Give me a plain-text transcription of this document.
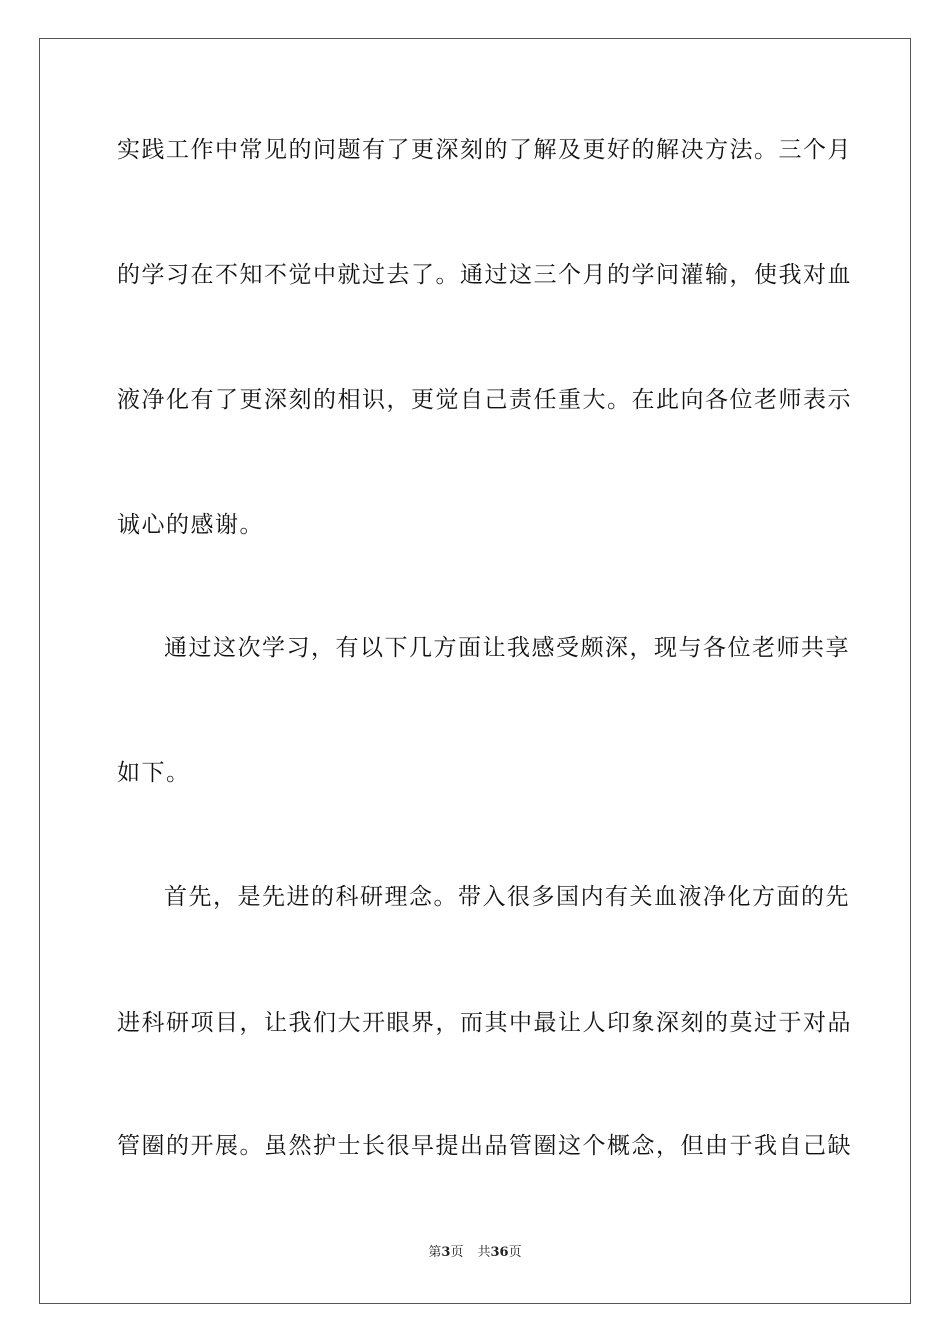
实践工作中常见的问题有了更深刻的了解及更好的解决方法。三个月
的学习在不知不觉中就过去了。通过这三个月的学问灌输，使我对血
液净化有了更深刻的相识，更觉自己责任重大。在此向各位老师表示
诚心的感谢。
通过这次学习，有以下几方面让我感受颇深，现与各位老师共享
如下。
首先，是先进的科研理念。带入很多国内有关血液净化方面的先
进科研项目，让我们大开眼界，而其中最让人印象深刻的莫过于对品
管圈的开展。虽然护士长很早提出品管圈这个概念，但由于我自己缺
第3页 共36页
